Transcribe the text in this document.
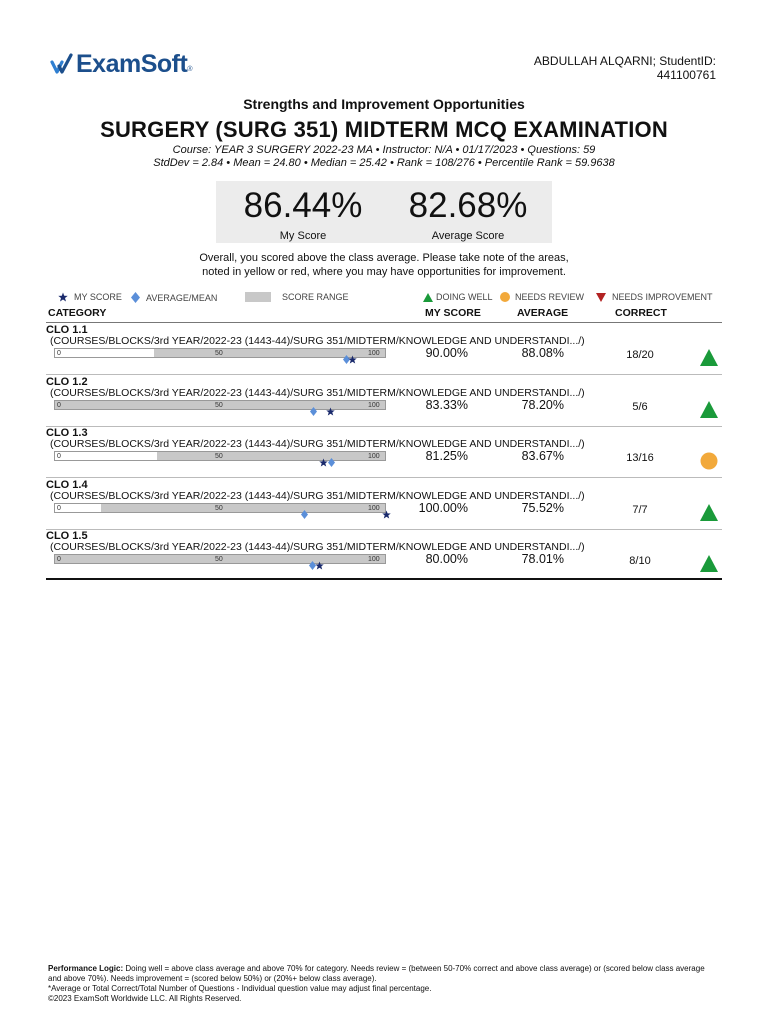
ExamSoft ®
ABDULLAH ALQARNI; StudentID:
441100761
Strengths and Improvement Opportunities
SURGERY (SURG 351) MIDTERM MCQ EXAMINATION
Course: YEAR 3 SURGERY 2022-23 MA • Instructor: N/A • 01/17/2023 • Questions: 59
StdDev = 2.84 • Mean = 24.80 • Median = 25.42 • Rank = 108/276 • Percentile Rank = 59.9638
86.44%
My Score
82.68%
Average Score
Overall, you scored above the class average. Please take note of the areas,
noted in yellow or red, where you may have opportunities for improvement.
MY SCORE	AVERAGE/MEAN	SCORE RANGE	DOING WELL NEEDS REVIEW	NEEDS IMPROVEMENT
CATEGORY	MY SCORE	AVERAGE	CORRECT
CLO 1.1
(COURSES/BLOCKS/3rd YEAR/2022-23 (1443-44)/SURG 351/MIDTERM/KNOWLEDGE AND UNDERSTANDI.../)
0	50	100	90.00%	88.08%	18/20
CLO 1.2
(COURSES/BLOCKS/3rd YEAR/2022-23 (1443-44)/SURG 351/MIDTERM/KNOWLEDGE AND UNDERSTANDI.../)
0	50	100	83.33%	78.20%	5/6
CLO 1.3
(COURSES/BLOCKS/3rd YEAR/2022-23 (1443-44)/SURG 351/MIDTERM/KNOWLEDGE AND UNDERSTANDI.../)
0	50	100	81.25%	83.67%	13/16
CLO 1.4
(COURSES/BLOCKS/3rd YEAR/2022-23 (1443-44)/SURG 351/MIDTERM/KNOWLEDGE AND UNDERSTANDI.../)
0	50	100	100.00%	75.52%	7/7
CLO 1.5
(COURSES/BLOCKS/3rd YEAR/2022-23 (1443-44)/SURG 351/MIDTERM/KNOWLEDGE AND UNDERSTANDI.../)
0	50	100	80.00%	78.01%	8/10
Performance Logic: Doing well = above class average and above 70% for category. Needs review = (between 50-70% correct and above class average) or (scored below class average and above 70%). Needs improvement = (scored below 50%) or (20%+ below class average).
*Average or Total Correct/Total Number of Questions - Individual question value may adjust final percentage.
©2023 ExamSoft Worldwide LLC. All Rights Reserved.
